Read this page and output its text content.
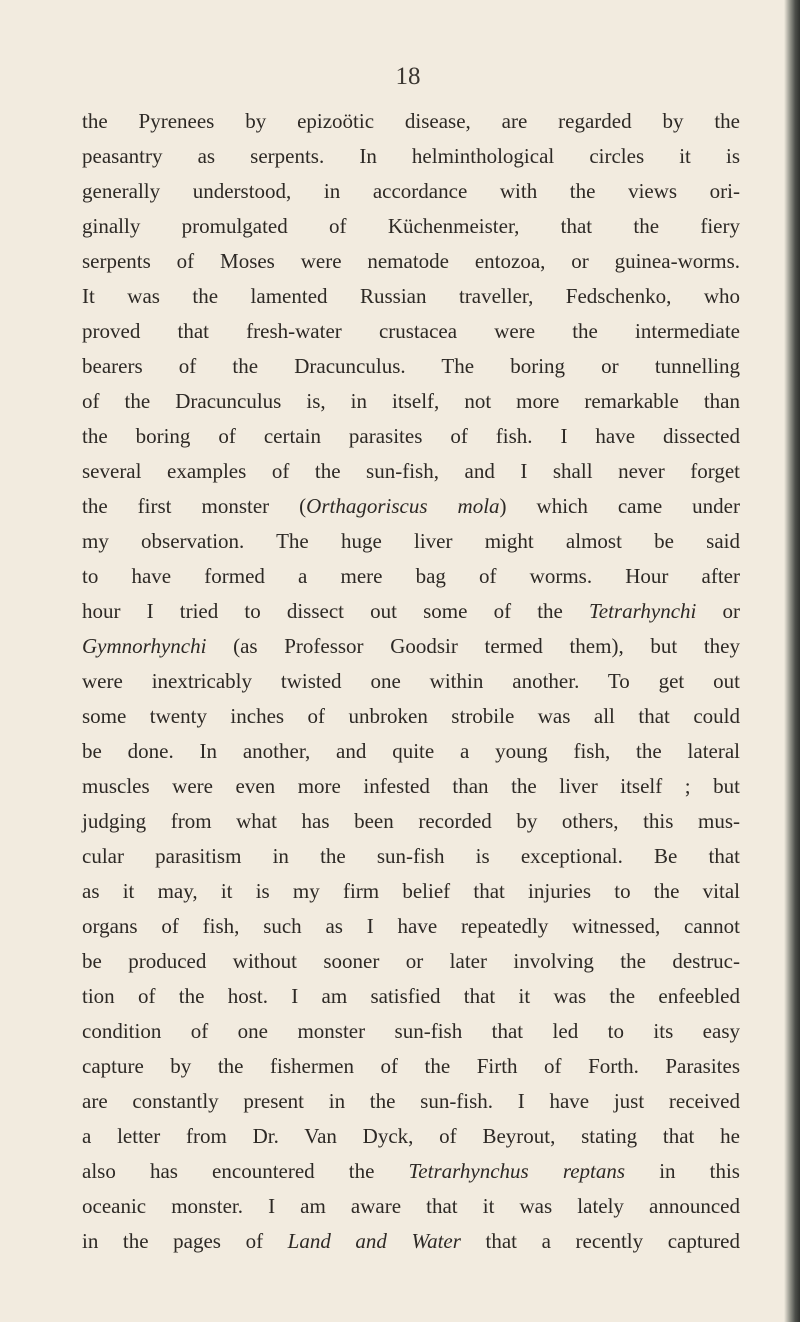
18
the Pyrenees by epizoötic disease, are regarded by the
peasantry as serpents. In helminthological circles it is
generally understood, in accordance with the views ori-
ginally promulgated of Küchenmeister, that the fiery
serpents of Moses were nematode entozoa, or guinea-worms.
It was the lamented Russian traveller, Fedschenko, who
proved that fresh-water crustacea were the intermediate
bearers of the Dracunculus. The boring or tunnelling
of the Dracunculus is, in itself, not more remarkable than
the boring of certain parasites of fish. I have dissected
several examples of the sun-fish, and I shall never forget
the first monster (Orthagoriscus mola) which came under
my observation. The huge liver might almost be said
to have formed a mere bag of worms. Hour after
hour I tried to dissect out some of the Tetrarhynchi or
Gymnorhynchi (as Professor Goodsir termed them), but they
were inextricably twisted one within another. To get out
some twenty inches of unbroken strobile was all that could
be done. In another, and quite a young fish, the lateral
muscles were even more infested than the liver itself ; but
judging from what has been recorded by others, this mus-
cular parasitism in the sun-fish is exceptional. Be that
as it may, it is my firm belief that injuries to the vital
organs of fish, such as I have repeatedly witnessed, cannot
be produced without sooner or later involving the destruc-
tion of the host. I am satisfied that it was the enfeebled
condition of one monster sun-fish that led to its easy
capture by the fishermen of the Firth of Forth. Parasites
are constantly present in the sun-fish. I have just received
a letter from Dr. Van Dyck, of Beyrout, stating that he
also has encountered the Tetrarhynchus reptans in this
oceanic monster. I am aware that it was lately announced
in the pages of Land and Water that a recently captured
